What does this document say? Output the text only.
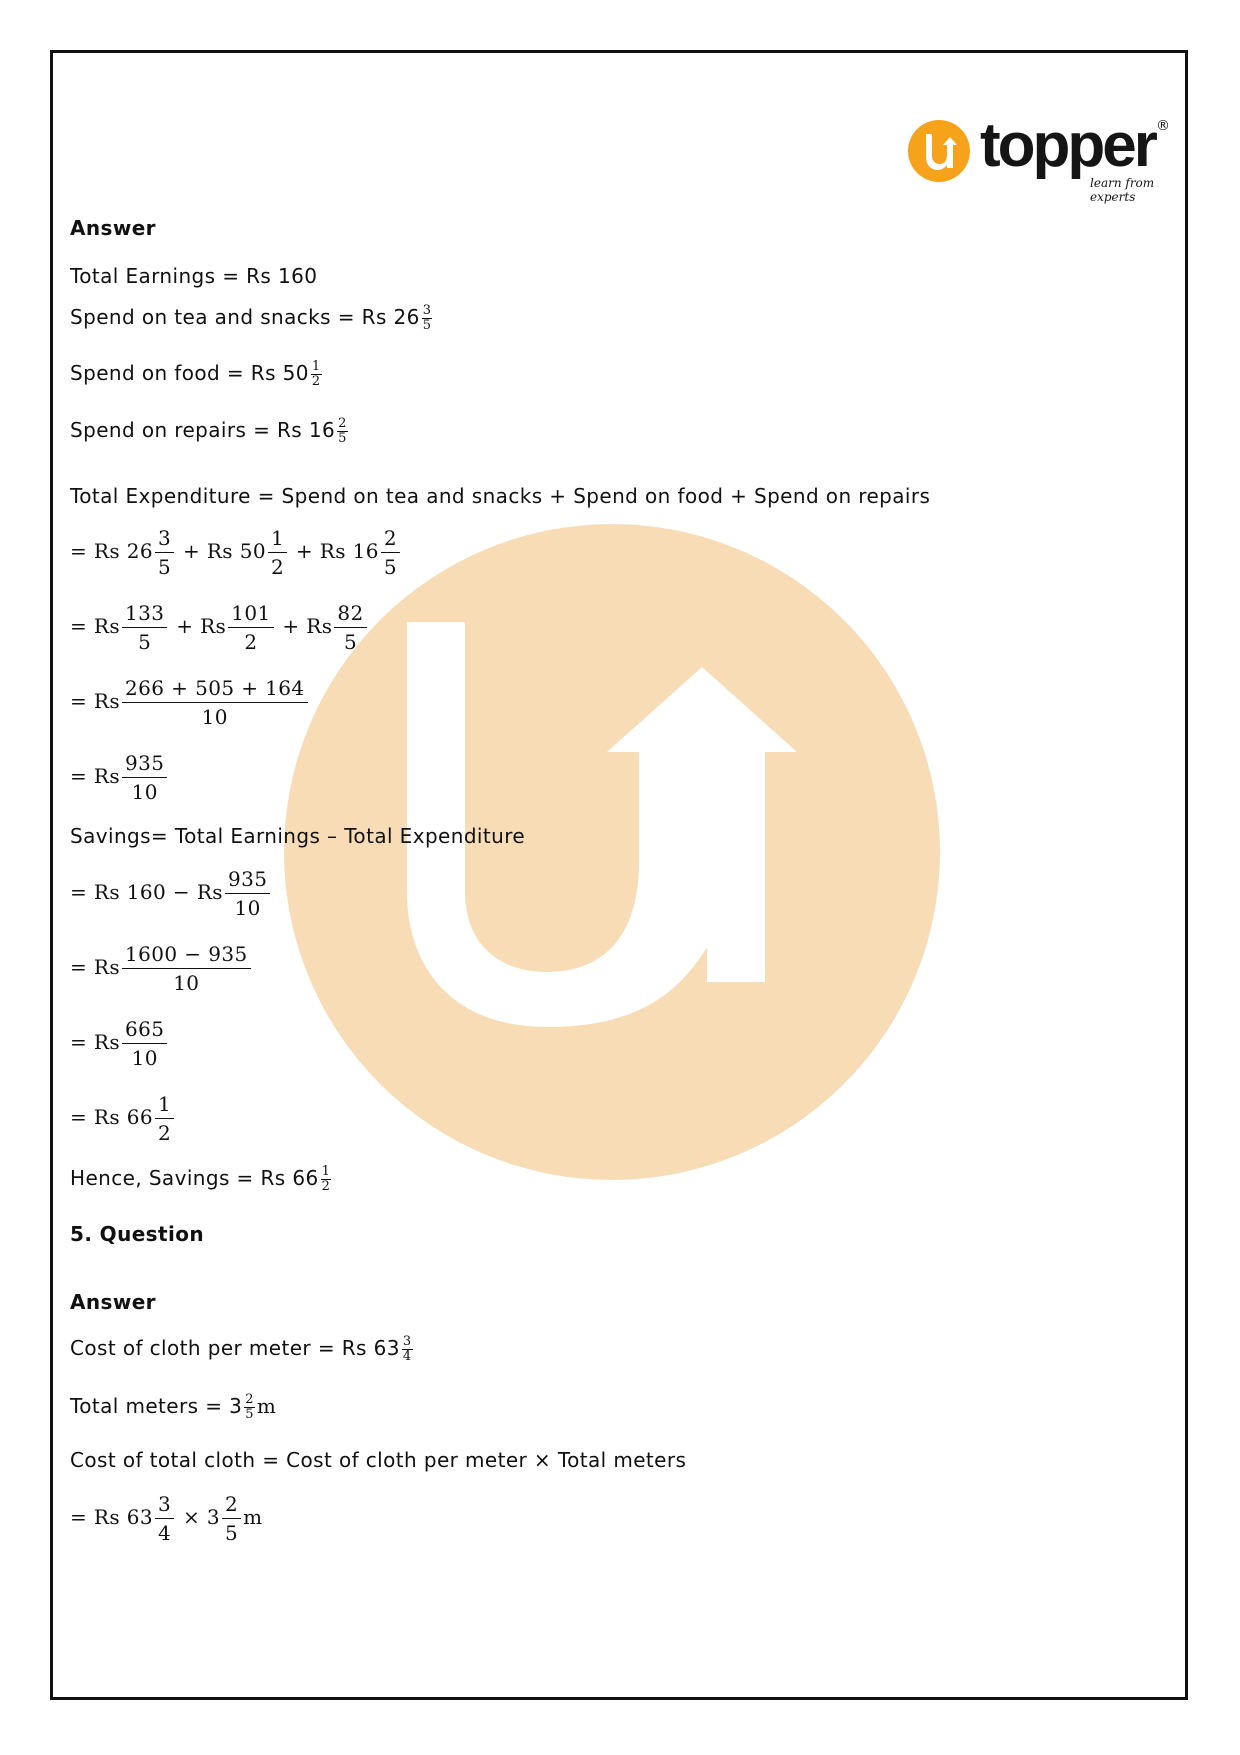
topper ®
learn from experts
Answer
Total Earnings = Rs 160
Spend on tea and snacks = Rs $26 \frac{3}{5}$
Spend on food = Rs $50 \frac{1}{2}$
Spend on repairs = Rs $16 \frac{2}{5}$
Total Expenditure = Spend on tea and snacks + Spend on food + Spend on repairs
= Rs $26 \frac{3}{5} + Rs$ $50 \frac{1}{2} + Rs$ $16 \frac{2}{5}$
= Rs $\frac{133}{5} + Rs \frac{101}{2} + Rs \frac{82}{5}$
= Rs $\frac{266 + 505 + 164}{10}$
= Rs $\frac{935}{10}$
Savings= Total Earnings – Total Expenditure
= Rs 160 − Rs $\frac{935}{10}$
= Rs $\frac{1600 - 935}{10}$
= Rs $\frac{665}{10}$
= Rs $66 \frac{1}{2}$
Hence, Savings = Rs $66 \frac{1}{2}$
5. Question
Answer
Cost of cloth per meter = Rs $63 \frac{3}{4}$
Total meters = $3 \frac{2}{5}$ m
Cost of total cloth = Cost of cloth per meter × Total meters
= Rs $63 \frac{3}{4} \times 3 \frac{2}{5}$ m
